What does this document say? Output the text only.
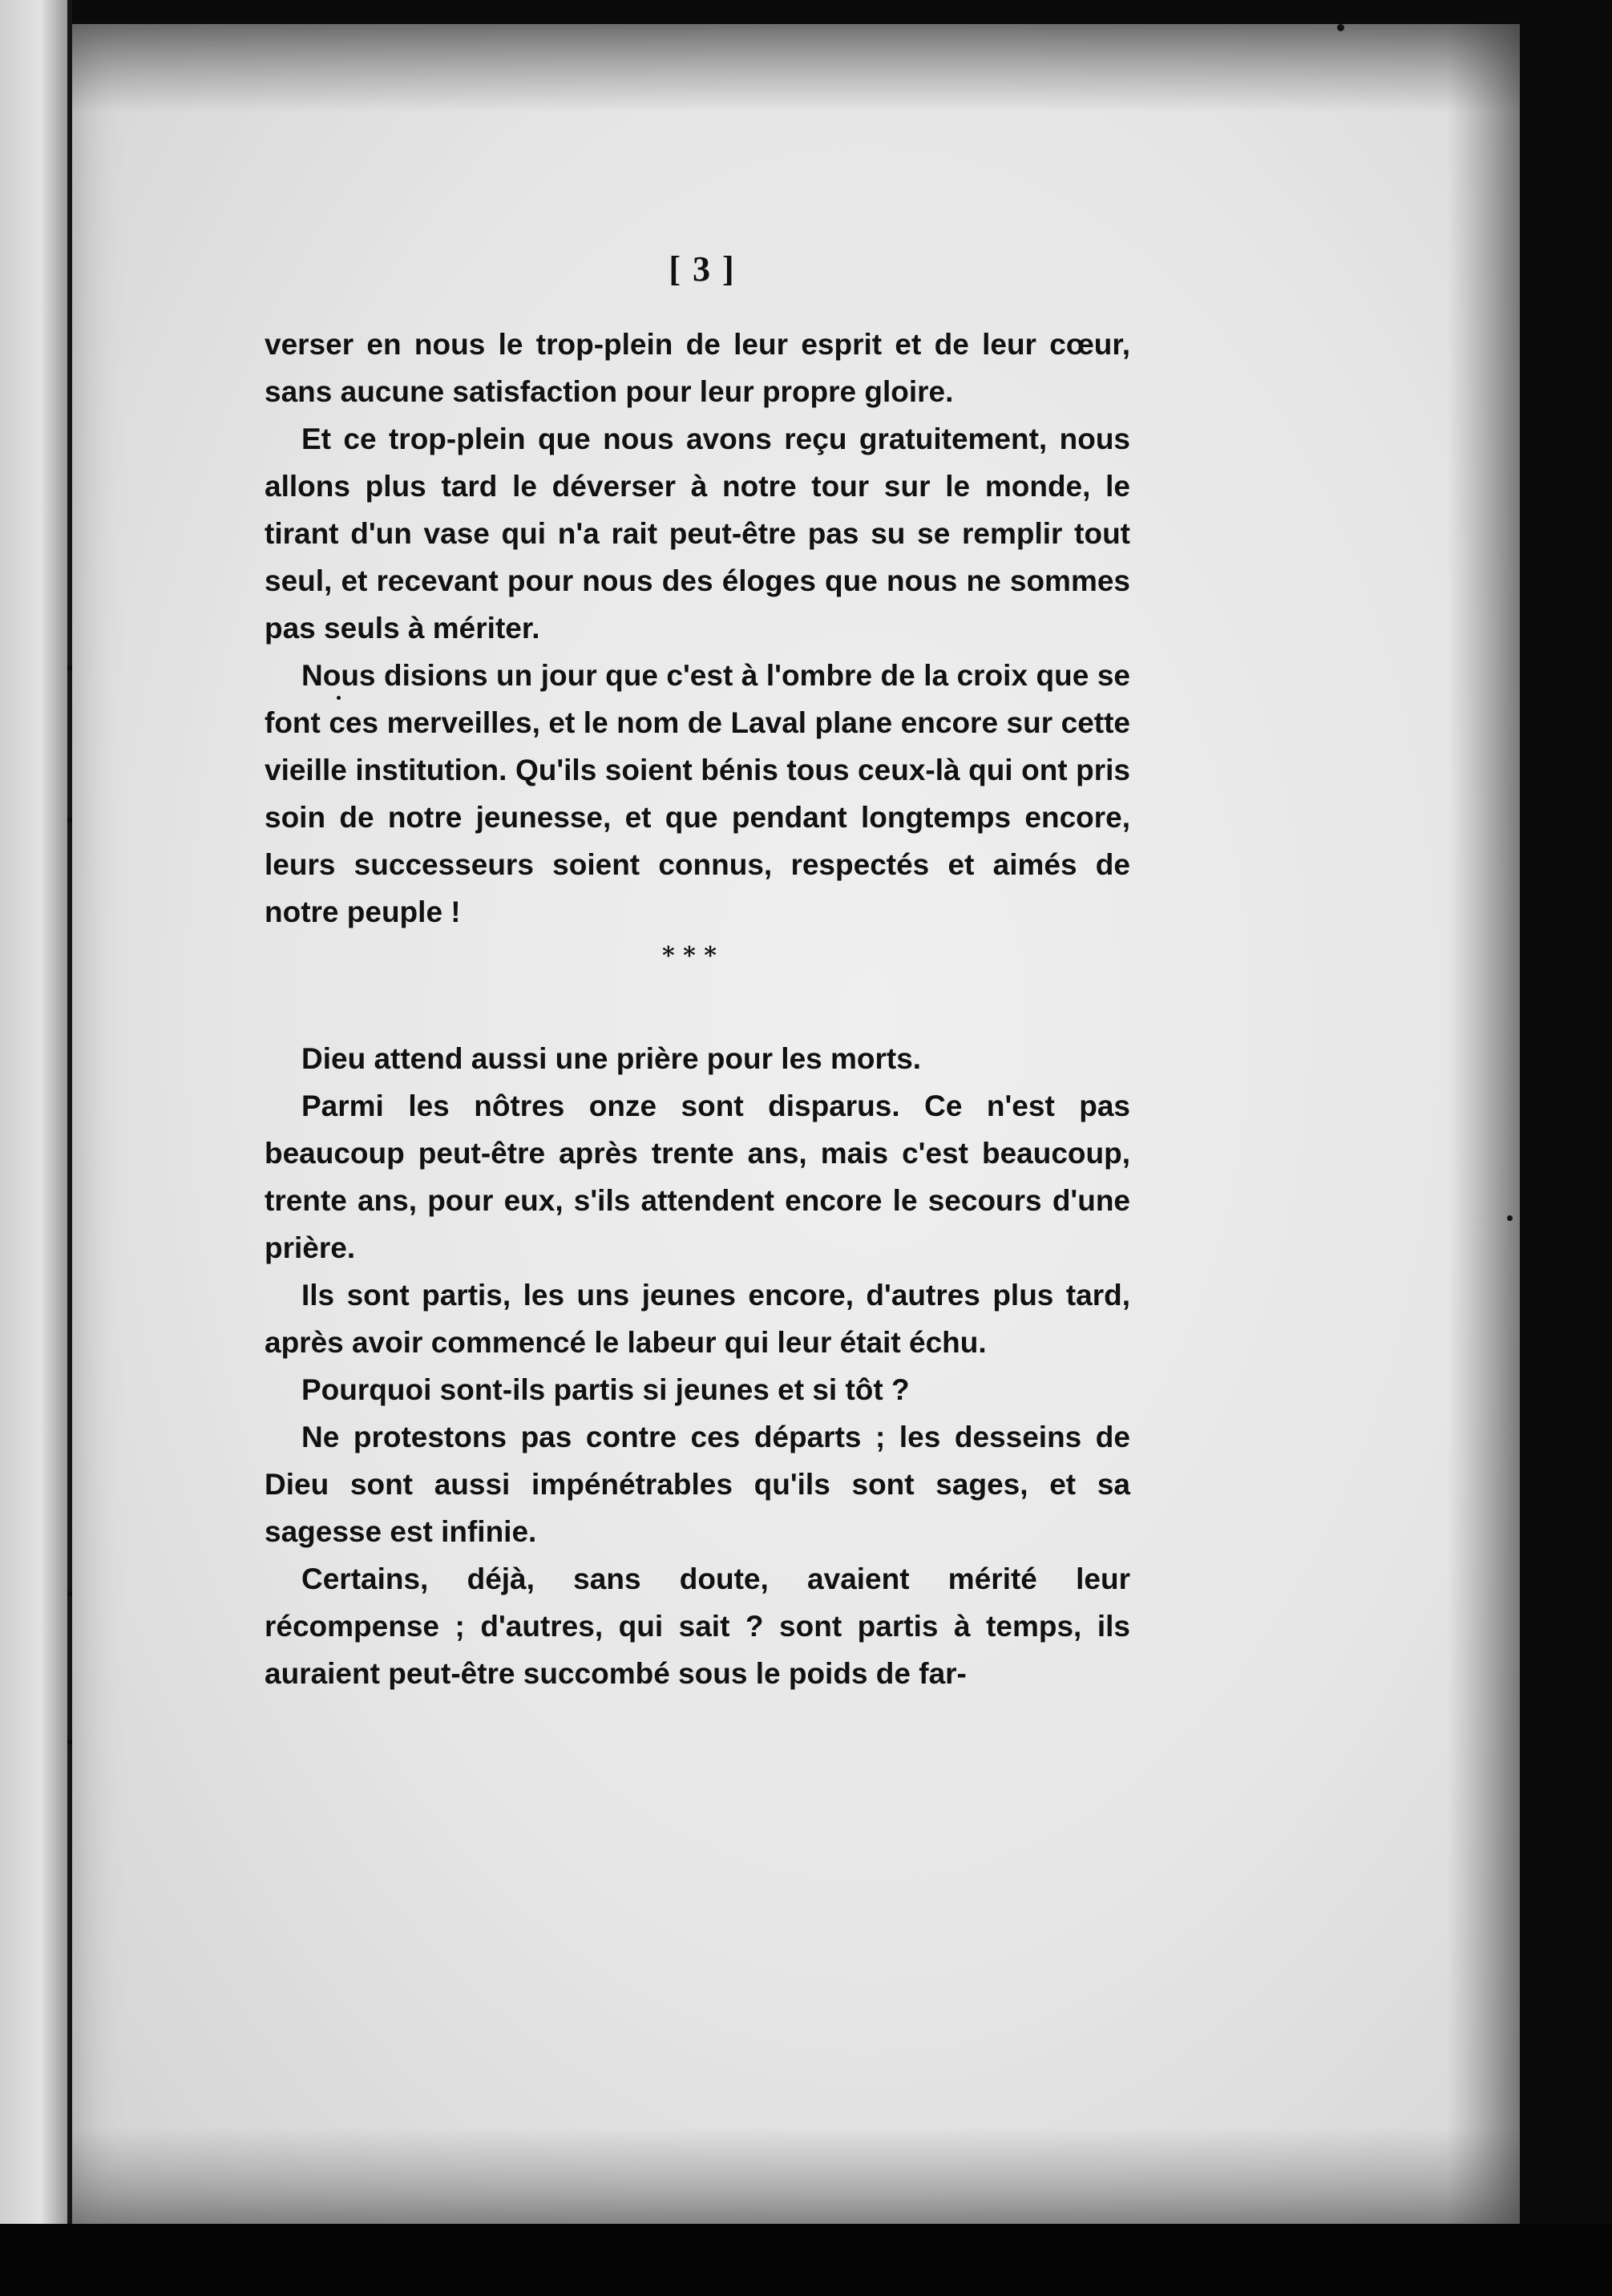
[ 3 ]

verser en nous le trop-plein de leur esprit et de leur cœur, sans aucune satisfaction pour leur propre gloire.

Et ce trop-plein que nous avons reçu gratuitement, nous allons plus tard le déverser à notre tour sur le monde, le tirant d'un vase qui n'a rait peut-être pas su se remplir tout seul, et recevant pour nous des éloges que nous ne sommes pas seuls à mériter.

Nous disions un jour que c'est à l'ombre de la croix que se font ces merveilles, et le nom de Laval plane encore sur cette vieille institution. Qu'ils soient bénis tous ceux-là qui ont pris soin de notre jeunesse, et que pendant longtemps encore, leurs successeurs soient connus, respectés et aimés de notre peuple !

* * *

Dieu attend aussi une prière pour les morts.

Parmi les nôtres onze sont disparus. Ce n'est pas beaucoup peut-être après trente ans, mais c'est beaucoup, trente ans, pour eux, s'ils attendent encore le secours d'une prière.

Ils sont partis, les uns jeunes encore, d'autres plus tard, après avoir commencé le labeur qui leur était échu.

Pourquoi sont-ils partis si jeunes et si tôt ?

Ne protestons pas contre ces départs ; les desseins de Dieu sont aussi impénétrables qu'ils sont sages, et sa sagesse est infinie.

Certains, déjà, sans doute, avaient mérité leur récompense ; d'autres, qui sait ? sont partis à temps, ils auraient peut-être succombé sous le poids de far-
